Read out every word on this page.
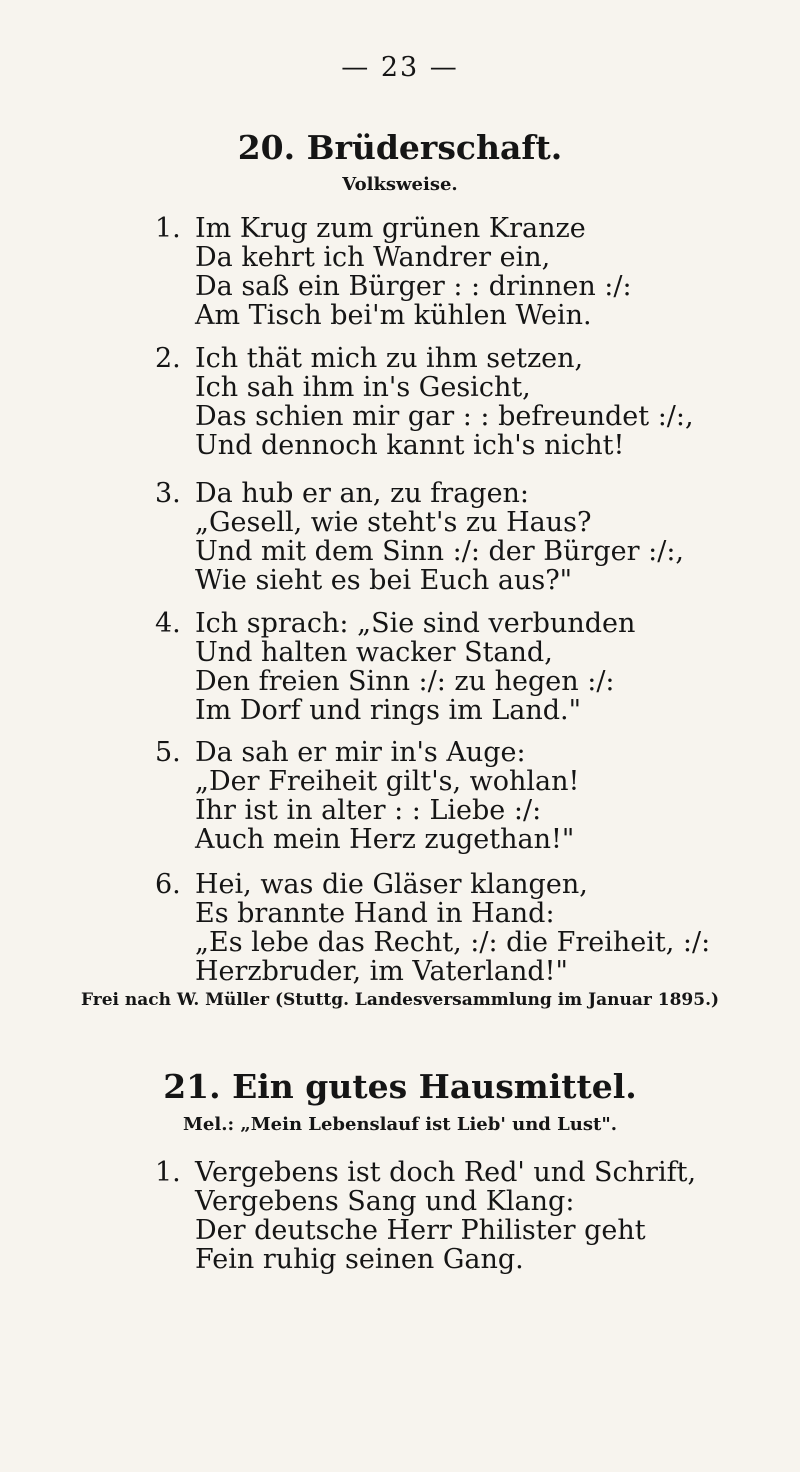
— 23 —
20. Brüderschaft.
Volksweise.
1. Im Krug zum grünen Kranze
Da kehrt ich Wandrer ein,
Da saß ein Bürger : : drinnen :/:
Am Tisch bei'm kühlen Wein.
2. Ich thät mich zu ihm setzen,
Ich sah ihm in's Gesicht,
Das schien mir gar : : befreundet :/:,
Und dennoch kannt ich's nicht!
3. Da hub er an, zu fragen:
„Gesell, wie steht's zu Haus?
Und mit dem Sinn :/: der Bürger :/:,
Wie sieht es bei Euch aus?"
4. Ich sprach: „Sie sind verbunden
Und halten wacker Stand,
Den freien Sinn :/: zu hegen :/:
Im Dorf und rings im Land."
5. Da sah er mir in's Auge:
„Der Freiheit gilt's, wohlan!
Ihr ist in alter : : Liebe :/:
Auch mein Herz zugethan!"
6. Hei, was die Gläser klangen,
Es brannte Hand in Hand:
„Es lebe das Recht, :/: die Freiheit, :/:
Herzbruder, im Vaterland!"
Frei nach W. Müller (Stuttg. Landesversammlung im Januar 1895.)
21. Ein gutes Hausmittel.
Mel.: „Mein Lebenslauf ist Lieb' und Lust".
1. Vergebens ist doch Red' und Schrift,
Vergebens Sang und Klang:
Der deutsche Herr Philister geht
Fein ruhig seinen Gang.
